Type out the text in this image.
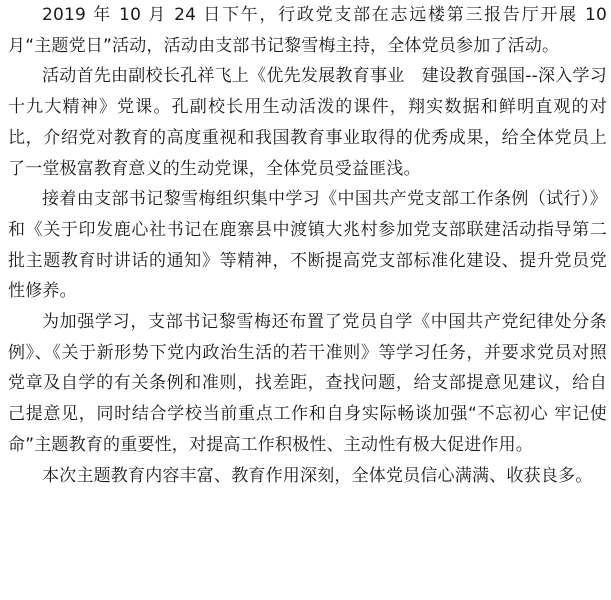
2019 年 10 月 24 日下午，行政党支部在志远楼第三报告厅开展 10 月“主题党日”活动，活动由支部书记黎雪梅主持，全体党员参加了活动。

活动首先由副校长孔祥飞上《优先发展教育事业　建设教育强国--深入学习十九大精神》党课。孔副校长用生动活泼的课件，翔实数据和鲜明直观的对比，介绍党对教育的高度重视和我国教育事业取得的优秀成果，给全体党员上了一堂极富教育意义的生动党课，全体党员受益匪浅。

接着由支部书记黎雪梅组织集中学习《中国共产党支部工作条例（试行）》和《关于印发鹿心社书记在鹿寨县中渡镇大兆村参加党支部联建活动指导第二批主题教育时讲话的通知》等精神，不断提高党支部标准化建设、提升党员党性修养。

为加强学习，支部书记黎雪梅还布置了党员自学《中国共产党纪律处分条例》、《关于新形势下党内政治生活的若干准则》等学习任务，并要求党员对照党章及自学的有关条例和准则，找差距，查找问题，给支部提意见建议，给自己提意见，同时结合学校当前重点工作和自身实际畅谈加强“不忘初心 牢记使命”主题教育的重要性，对提高工作积极性、主动性有极大促进作用。

本次主题教育内容丰富、教育作用深刻，全体党员信心满满、收获良多。
